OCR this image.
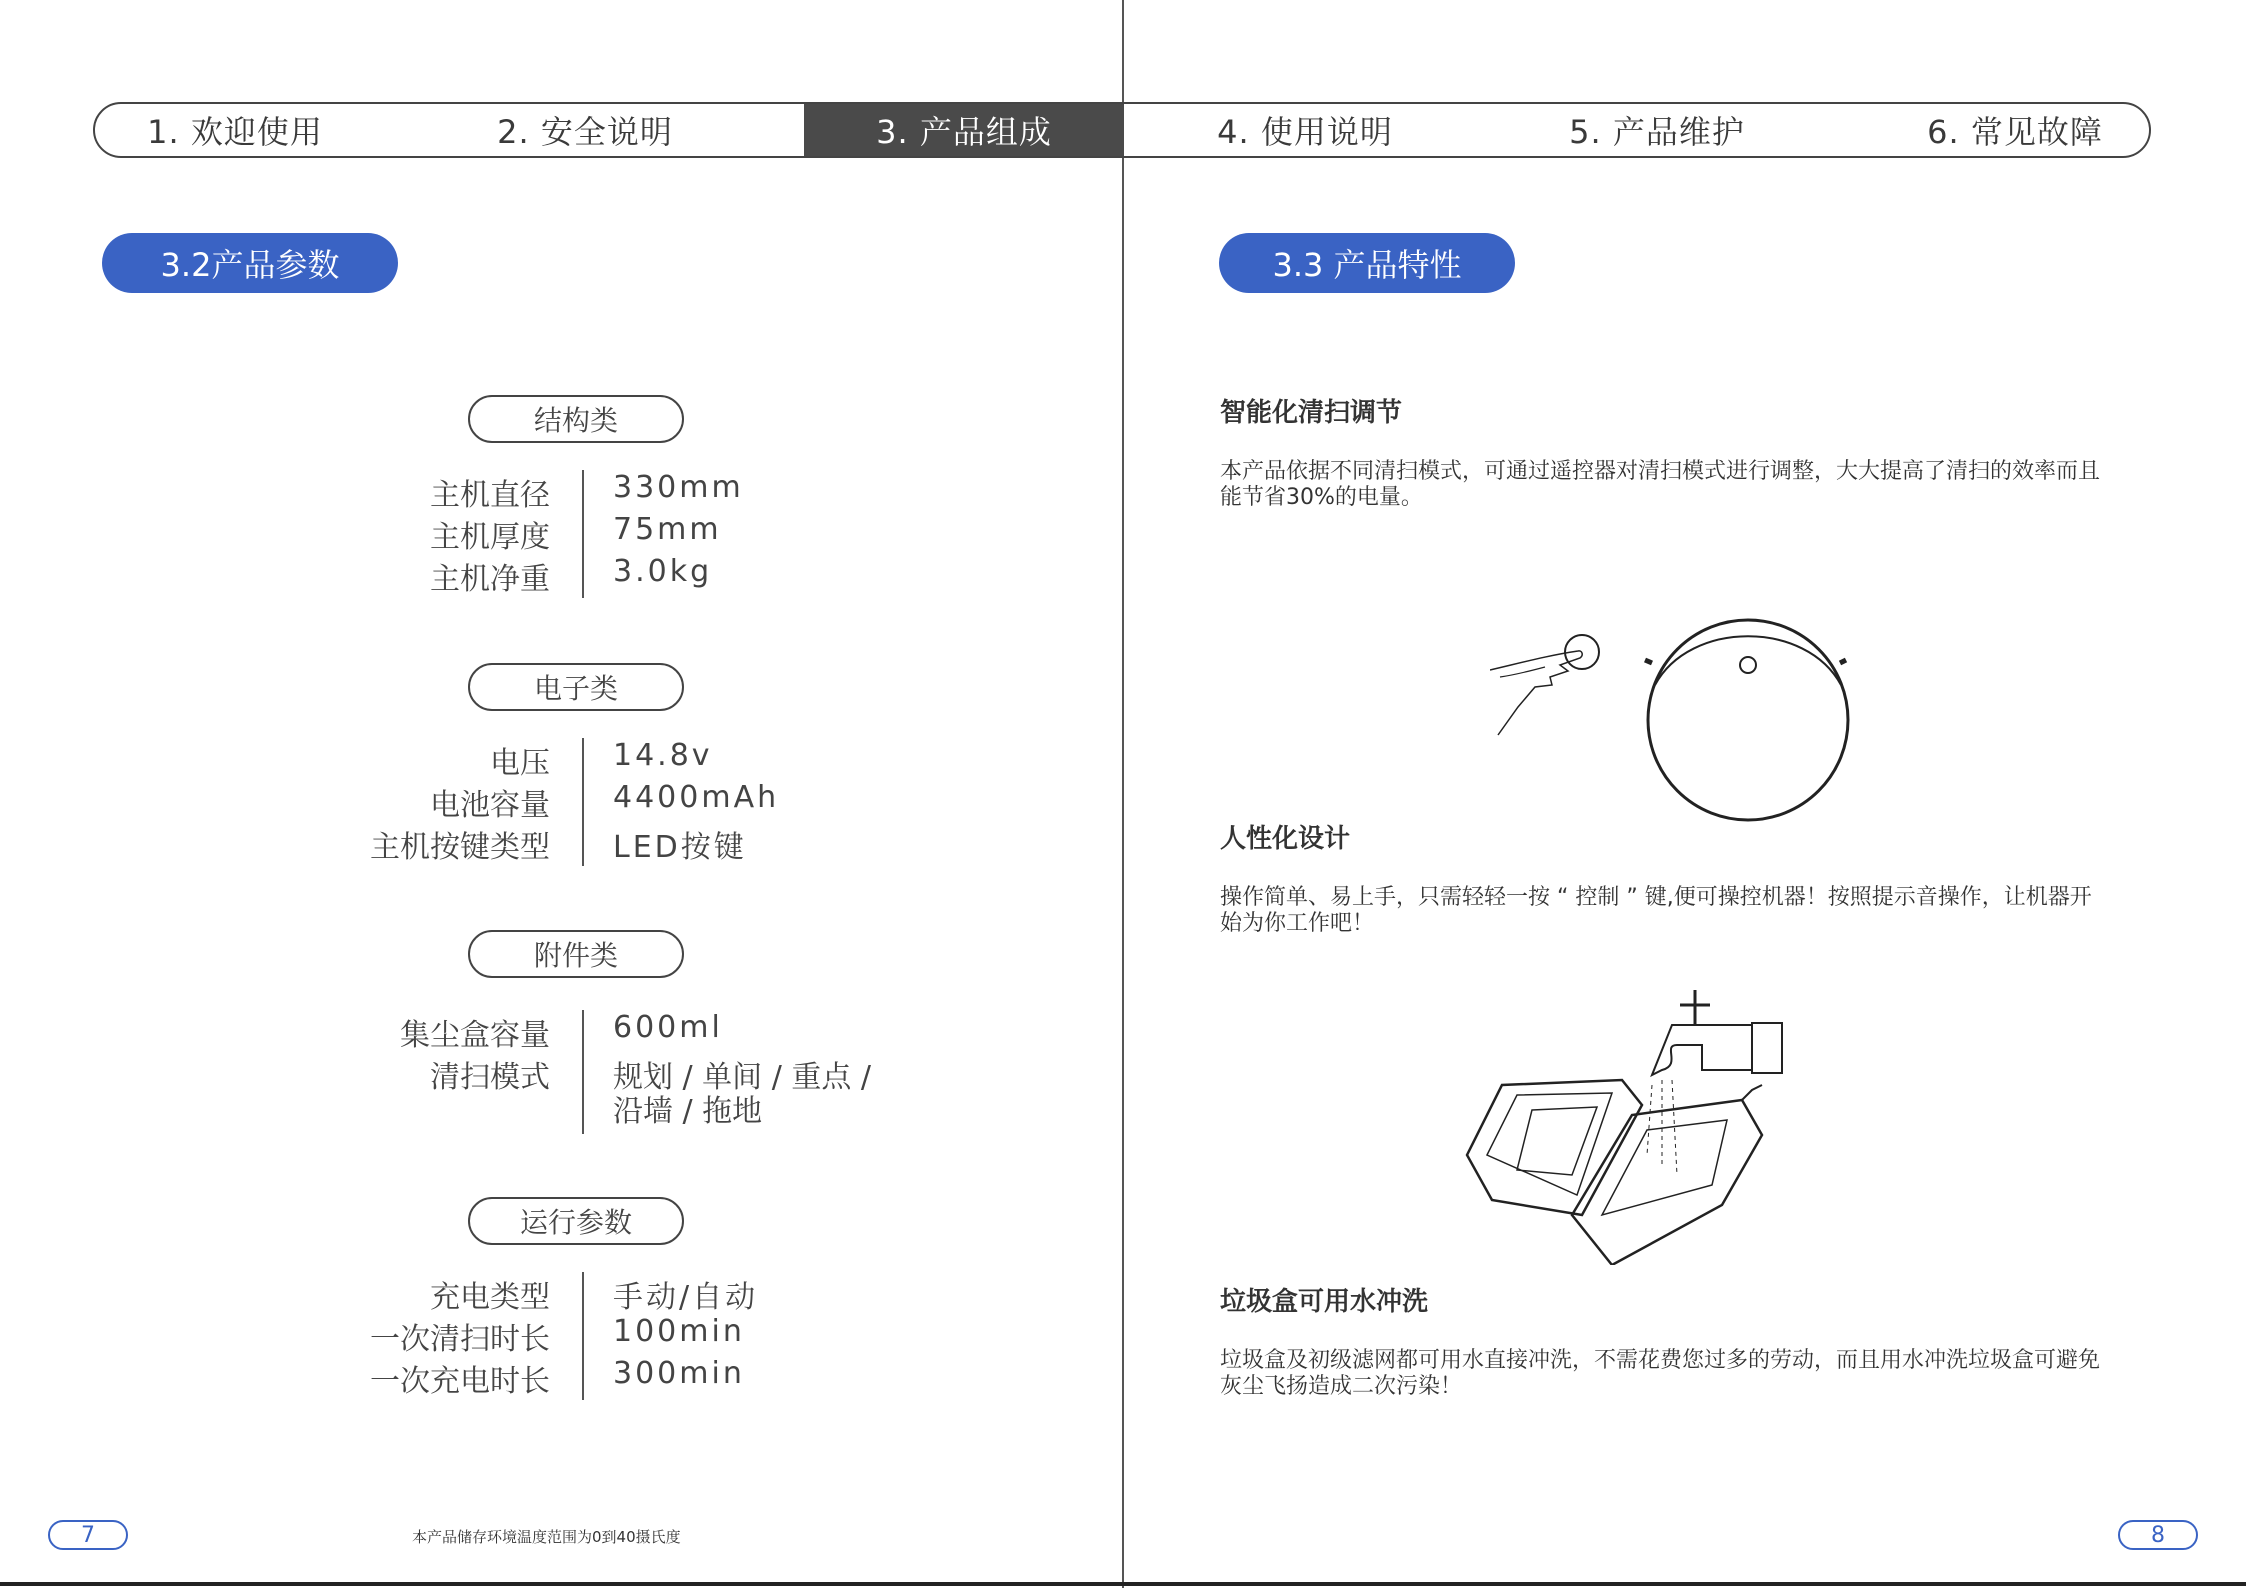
1. 欢迎使用	2. 安全说明	3. 产品组成	4. 使用说明	5. 产品维护	6. 常见故障
3.2产品参数
结构类
主机直径 330mm
主机厚度 75mm
主机净重 3.0kg
电子类
电压 14.8v
电池容量 4400mAh
主机按键类型 LED按键
附件类
集尘盒容量 600ml
清扫模式 规划 / 单间 / 重点 /
沿墙 / 拖地
运行参数
充电类型 手动/自动
一次清扫时长 100min
一次充电时长 300min
7	本产品储存环境温度范围为0到40摄氏度
3.3 产品特性
智能化清扫调节
本产品依据不同清扫模式，可通过遥控器对清扫模式进行调整，大大提高了清扫的效率而且
能节省30%的电量。
人性化设计
操作简单、易上手，只需轻轻一按 “ 控制 ” 键,便可操控机器！按照提示音操作，让机器开
始为你工作吧！
垃圾盒可用水冲洗
垃圾盒及初级滤网都可用水直接冲洗，不需花费您过多的劳动，而且用水冲洗垃圾盒可避免
灰尘飞扬造成二次污染！
8
